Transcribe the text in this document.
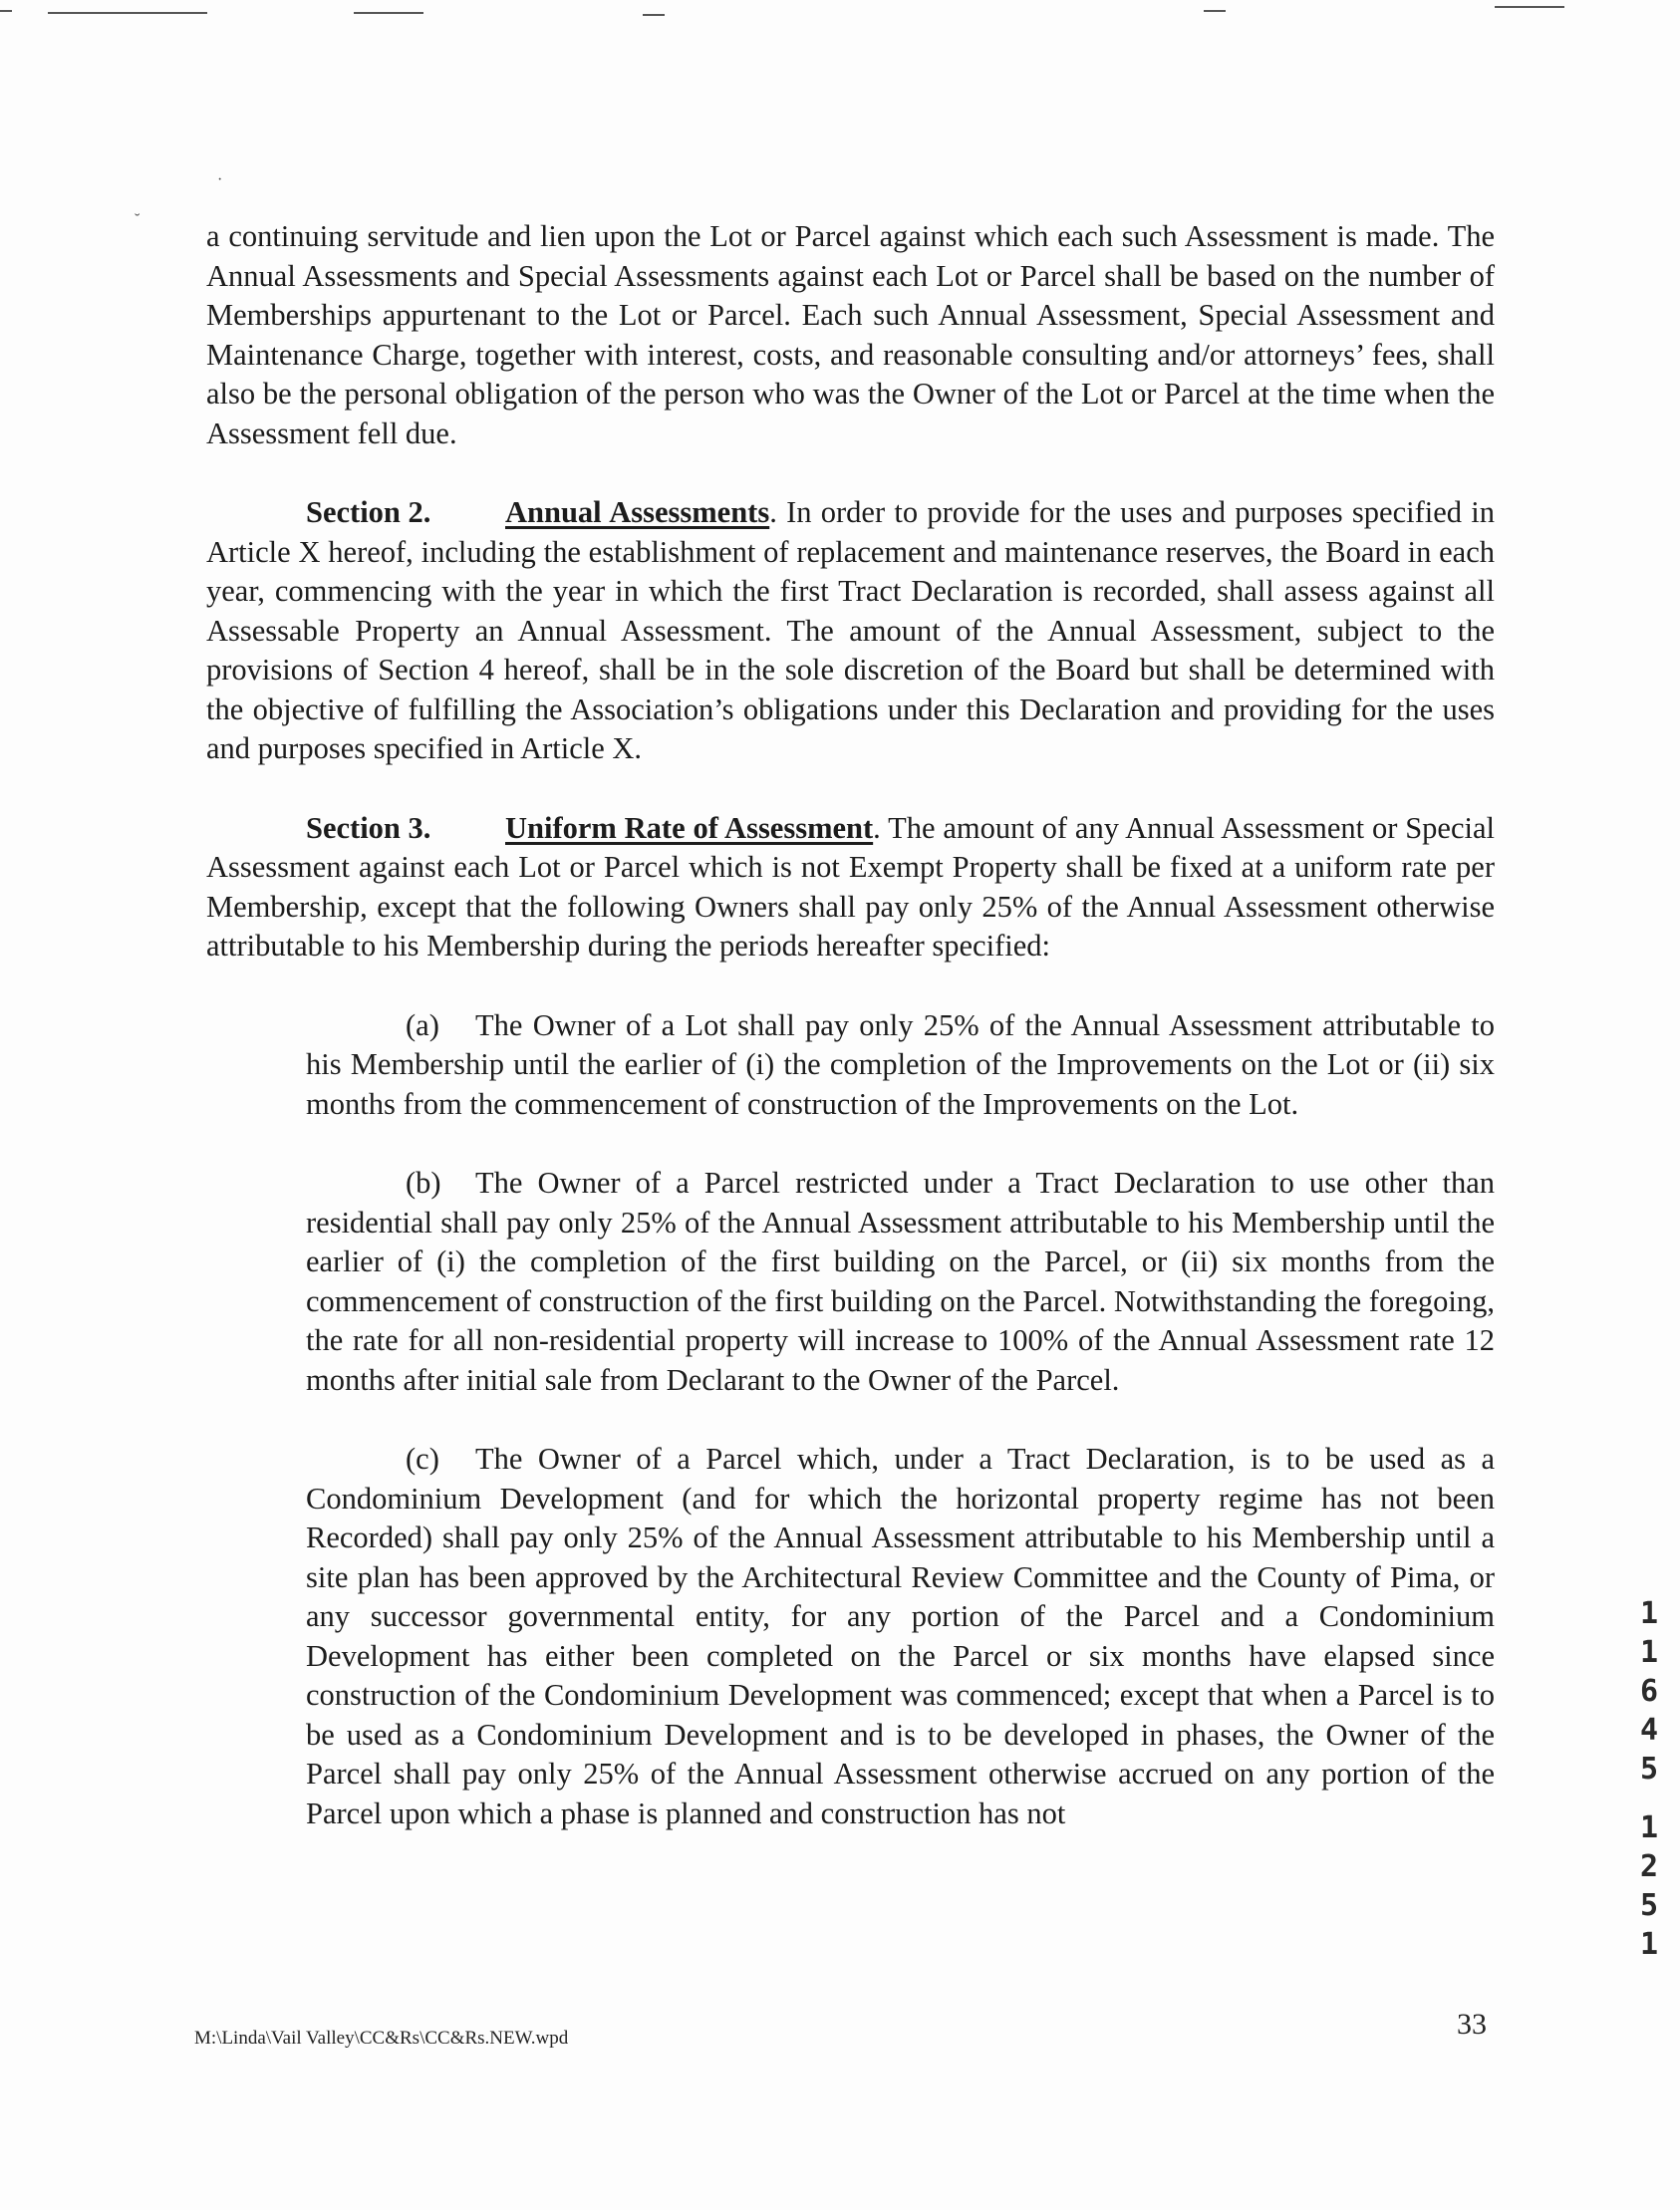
·
˘ a continuing servitude and lien upon the Lot or Parcel against which each such Assessment is made. The Annual Assessments and Special Assessments against each Lot or Parcel shall be based on the number of Memberships appurtenant to the Lot or Parcel. Each such Annual Assessment, Special Assessment and Maintenance Charge, together with interest, costs, and reasonable consulting and/or attorneys’ fees, shall also be the personal obligation of the person who was the Owner of the Lot or Parcel at the time when the Assessment fell due.

Section 2. Annual Assessments. In order to provide for the uses and purposes specified in Article X hereof, including the establishment of replacement and maintenance reserves, the Board in each year, commencing with the year in which the first Tract Declaration is recorded, shall assess against all Assessable Property an Annual Assessment. The amount of the Annual Assessment, subject to the provisions of Section 4 hereof, shall be in the sole discretion of the Board but shall be determined with the objective of fulfilling the Association’s obligations under this Declaration and providing for the uses and purposes specified in Article X.

Section 3. Uniform Rate of Assessment. The amount of any Annual Assessment or Special Assessment against each Lot or Parcel which is not Exempt Property shall be fixed at a uniform rate per Membership, except that the following Owners shall pay only 25% of the Annual Assessment otherwise attributable to his Membership during the periods hereafter specified:

(a) The Owner of a Lot shall pay only 25% of the Annual Assessment attributable to his Membership until the earlier of (i) the completion of the Improvements on the Lot or (ii) six months from the commencement of construction of the Improvements on the Lot.

(b) The Owner of a Parcel restricted under a Tract Declaration to use other than residential shall pay only 25% of the Annual Assessment attributable to his Membership until the earlier of (i) the completion of the first building on the Parcel, or (ii) six months from the commencement of construction of the first building on the Parcel. Notwithstanding the foregoing, the rate for all non-residential property will increase to 100% of the Annual Assessment rate 12 months after initial sale from Declarant to the Owner of the Parcel.

(c) The Owner of a Parcel which, under a Tract Declaration, is to be used as a Condominium Development (and for which the horizontal property regime has not been Recorded) shall pay only 25% of the Annual Assessment attributable to his Membership until a site plan has been approved by the Architectural Review Committee and the County of Pima, or any successor governmental entity, for any portion of the Parcel and a Condominium Development has either been completed on the Parcel or six months have elapsed since construction of the Condominium Development was commenced; except that when a Parcel is to be used as a Condominium Development and is to be developed in phases, the Owner of the Parcel shall pay only 25% of the Annual Assessment otherwise accrued on any portion of the Parcel upon which a phase is planned and construction has not

M:\Linda\Vail Valley\CC&Rs\CC&Rs.NEW.wpd	33
1
1
6
4
5
1
2
5
1
